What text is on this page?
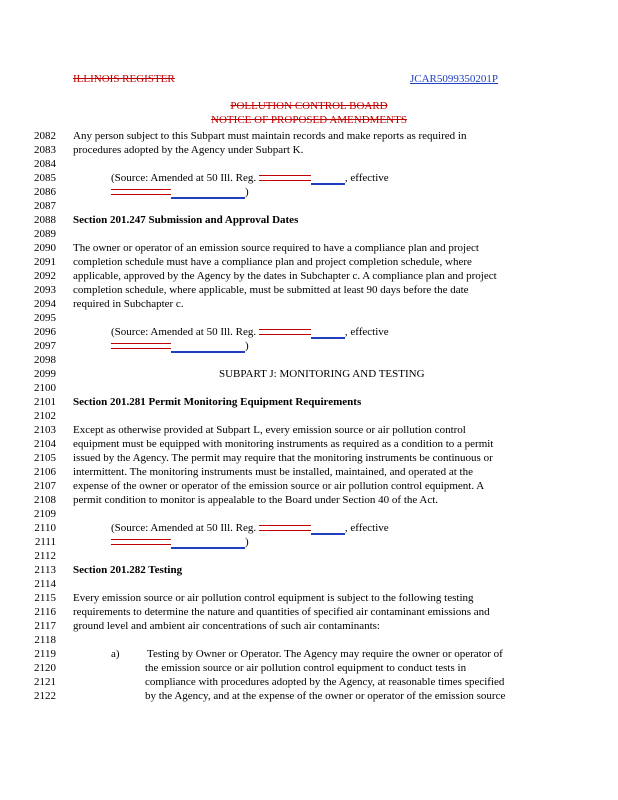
ILLINOIS REGISTER	JCAR5099350201P
POLLUTION CONTROL BOARD
NOTICE OF PROPOSED AMENDMENTS
2082 Any person subject to this Subpart must maintain records and make reports as required in
2083 procedures adopted by the Agency under Subpart K.
2084
2085	(Source: Amended at 50 Ill. Reg.	, effective
2086	)
2087
2088 Section 201.247 Submission and Approval Dates
2089
2090 The owner or operator of an emission source required to have a compliance plan and project
2091 completion schedule must have a compliance plan and project completion schedule, where
2092 applicable, approved by the Agency by the dates in Subchapter c. A compliance plan and project
2093 completion schedule, where applicable, must be submitted at least 90 days before the date
2094 required in Subchapter c.
2095
2096	(Source: Amended at 50 Ill. Reg.	, effective
2097	)
2098
2099	SUBPART J: MONITORING AND TESTING
2100
2101 Section 201.281 Permit Monitoring Equipment Requirements
2102
2103 Except as otherwise provided at Subpart L, every emission source or air pollution control
2104 equipment must be equipped with monitoring instruments as required as a condition to a permit
2105 issued by the Agency. The permit may require that the monitoring instruments be continuous or
2106 intermittent. The monitoring instruments must be installed, maintained, and operated at the
2107 expense of the owner or operator of the emission source or air pollution control equipment. A
2108 permit condition to monitor is appealable to the Board under Section 40 of the Act.
2109
2110	(Source: Amended at 50 Ill. Reg.	, effective
2111	)
2112
2113 Section 201.282 Testing
2114
2115 Every emission source or air pollution control equipment is subject to the following testing
2116 requirements to determine the nature and quantities of specified air contaminant emissions and
2117 ground level and ambient air concentrations of such air contaminants:
2118
2119	a) Testing by Owner or Operator. The Agency may require the owner or operator of
2120	the emission source or air pollution control equipment to conduct tests in
2121	compliance with procedures adopted by the Agency, at reasonable times specified
2122	by the Agency, and at the expense of the owner or operator of the emission source
